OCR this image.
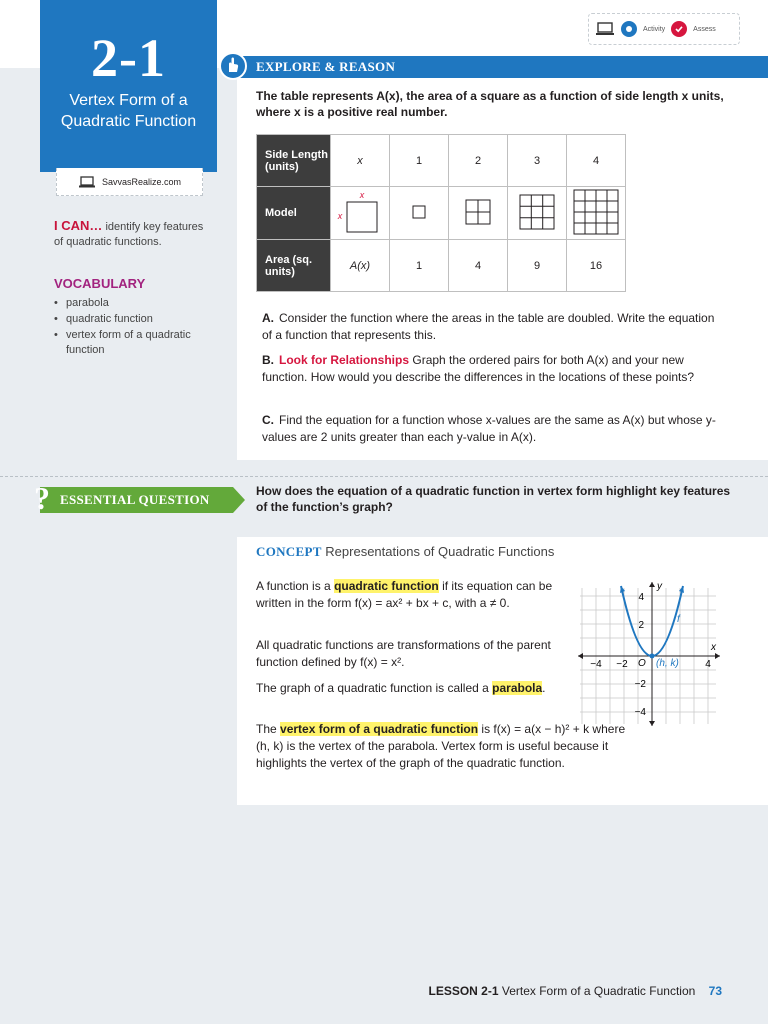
2-1
Vertex Form of a Quadratic Function
SavvasRealize.com
I CAN… identify key features of quadratic functions.
VOCABULARY
• parabola
• quadratic function
• vertex form of a quadratic function
Activity	Assess
EXPLORE & REASON
The table represents A(x), the area of a square as a function of side length x units, where x is a positive real number.
Side Length (units)	x	1	2	3	4
Model	x
x

Area (sq. units)	A(x)	1	4	9	16
A. Consider the function where the areas in the table are doubled. Write the equation of a function that represents this.
B. Look for Relationships Graph the ordered pairs for both A(x) and your new function. How would you describe the differences in the locations of these points?
C. Find the equation for a function whose x-values are the same as A(x) but whose y-values are 2 units greater than each y-value in A(x).
ESSENTIAL QUESTION
?	How does the equation of a quadratic function in vertex form highlight key features of the function’s graph?
CONCEPT Representations of Quadratic Functions
A function is a quadratic function if its equation can be written in the form f(x) = ax² + bx + c, with a ≠ 0.
All quadratic functions are transformations of the parent function defined by f(x) = x².
The graph of a quadratic function is called a parabola.
The vertex form of a quadratic function is f(x) = a(x − h)² + k where (h, k) is the vertex of the parabola. Vertex form is useful because it highlights the vertex of the graph of the quadratic function.
y
x
f
O (h, k)
−4 −2	4
4
2
−2
−4
LESSON 2-1 Vertex Form of a Quadratic Function 73
